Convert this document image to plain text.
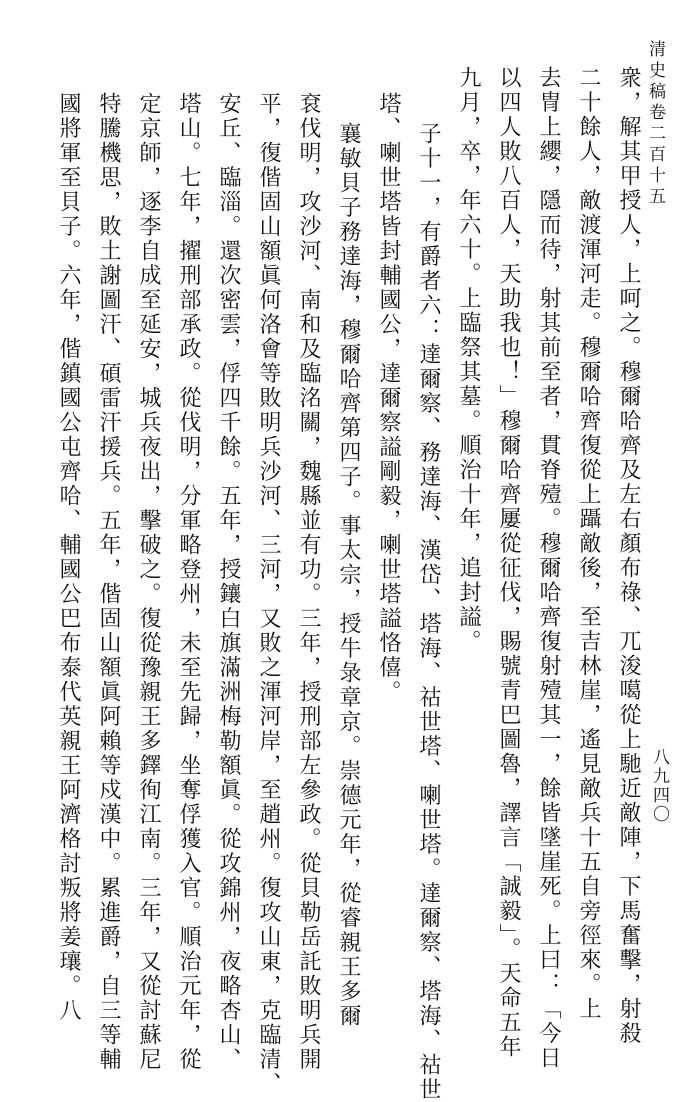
清史稿卷二百十五
八九四〇
衆，解其甲授人，上呵之。穆爾哈齊及左右顏布祿、兀浚噶從上馳近敵陣，下馬奮擊，射殺
二十餘人，敵渡渾河走。穆爾哈齊復從上躡敵後，至吉林崖，遙見敵兵十五自旁徑來。上
去冑上纓，隱而待，射其前至者，貫脊殪。穆爾哈齊復射殪其一，餘皆墜崖死。上曰：「今日
以四人敗八百人，天助我也！」穆爾哈齊屢從征伐，賜號青巴圖魯，譯言「誠毅」。天命五年
九月，卒，年六十。上臨祭其墓。順治十年，追封謚。
子十一，有爵者六：達爾察、務達海、漢岱、塔海、祜世塔、喇世塔。達爾察、塔海、祜世
塔、喇世塔皆封輔國公，達爾察謚剛毅，喇世塔謚恪僖。
襄敏貝子務達海，穆爾哈齊第四子。事太宗，授牛彔章京。崇德元年，從睿親王多爾
袞伐明，攻沙河、南和及臨洺關，魏縣並有功。三年，授刑部左參政。從貝勒岳託敗明兵開
平，復偕固山額眞何洛會等敗明兵沙河、三河，又敗之渾河岸，至趙州。復攻山東，克臨清、
安丘、臨淄。還次密雲，俘四千餘。五年，授鑲白旗滿洲梅勒額眞。從攻錦州，夜略杏山、
塔山。七年，擢刑部承政。從伐明，分軍略登州，未至先歸，坐奪俘獲入官。順治元年，從
定京師，逐李自成至延安，城兵夜出，擊破之。復從豫親王多鐸徇江南。三年，又從討蘇尼
特騰機思，敗土謝圖汗、碩雷汗援兵。五年，偕固山額眞阿賴等戍漢中。累進爵，自三等輔
國將軍至貝子。六年，偕鎮國公屯齊哈、輔國公巴布泰代英親王阿濟格討叛將姜瓖。八
